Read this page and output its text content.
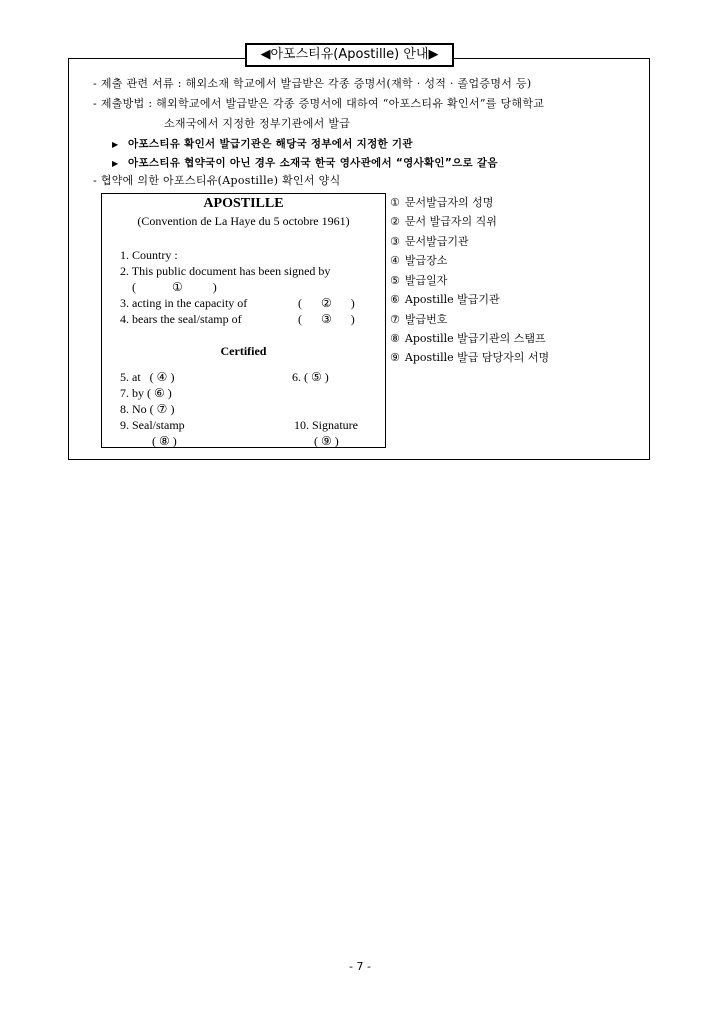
◀아포스티유(Apostille) 안내▶
- 제출 관련 서류 : 해외소재 학교에서 발급받은 각종 증명서(재학 · 성적 · 졸업증명서 등)
- 제출방법 : 해외학교에서 발급받은 각종 증명서에 대하여 “아포스티유 확인서”를 당해학교
소재국에서 지정한 정부기관에서 발급
▶ 아포스티유 확인서 발급기관은 해당국 정부에서 지정한 기관
▶ 아포스티유 협약국이 아닌 경우 소재국 한국 영사관에서 “영사확인”으로 갈음
- 협약에 의한 아포스티유(Apostille) 확인서 양식
APOSTILLE
(Convention de La Haye du 5 octobre 1961)
1. Country :
2. This public document has been signed by
(	①	)
3. acting in the capacity of	( ② )
4. bears the seal/stamp of	( ③ )
Certified
5. at   ( ④ )	6. ( ⑤ )
7. by ( ⑥ )
8. No ( ⑦ )
9. Seal/stamp	10. Signature
( ⑧ )	( ⑨ )
① 문서발급자의 성명
② 문서 발급자의 직위
③ 문서발급기관
④ 발급장소
⑤ 발급일자
⑥ Apostille 발급기관
⑦ 발급번호
⑧ Apostille 발급기관의 스탬프
⑨ Apostille 발급 담당자의 서명
- 7 -
